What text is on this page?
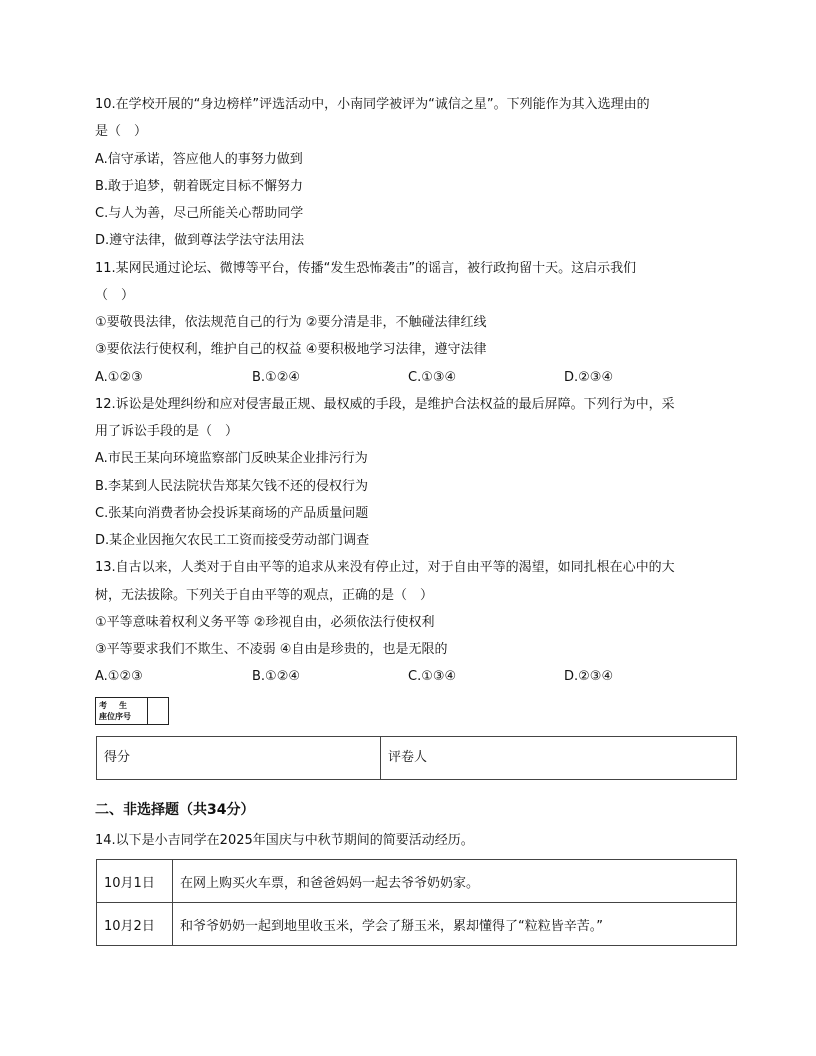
10.在学校开展的“身边榜样”评选活动中，小南同学被评为“诚信之星”。下列能作为其入选理由的
是（　）
A.信守承诺，答应他人的事努力做到
B.敢于追梦，朝着既定目标不懈努力
C.与人为善，尽己所能关心帮助同学
D.遵守法律，做到尊法学法守法用法
11.某网民通过论坛、微博等平台，传播“发生恐怖袭击”的谣言，被行政拘留十天。这启示我们
（　）
①要敬畏法律，依法规范自己的行为 ②要分清是非，不触碰法律红线
③要依法行使权利，维护自己的权益 ④要积极地学习法律，遵守法律
A.①②③	B.①②④	C.①③④	D.②③④
12.诉讼是处理纠纷和应对侵害最正规、最权威的手段，是维护合法权益的最后屏障。下列行为中，采
用了诉讼手段的是（　）
A.市民王某向环境监察部门反映某企业排污行为
B.李某到人民法院状告郑某欠钱不还的侵权行为
C.张某向消费者协会投诉某商场的产品质量问题
D.某企业因拖欠农民工工资而接受劳动部门调查
13.自古以来，人类对于自由平等的追求从来没有停止过，对于自由平等的渴望，如同扎根在心中的大
树，无法拔除。下列关于自由平等的观点，正确的是（　）
①平等意味着权利义务平等 ②珍视自由，必须依法行使权利
③平等要求我们不欺生、不凌弱 ④自由是珍贵的，也是无限的
A.①②③	B.①②④	C.①③④	D.②③④
考生
座位序号
得分	评卷人
二、非选择题（共34分）
14.以下是小吉同学在2025年国庆与中秋节期间的简要活动经历。
10月1日	在网上购买火车票，和爸爸妈妈一起去爷爷奶奶家。
10月2日	和爷爷奶奶一起到地里收玉米，学会了掰玉米，累却懂得了“粒粒皆辛苦。”
